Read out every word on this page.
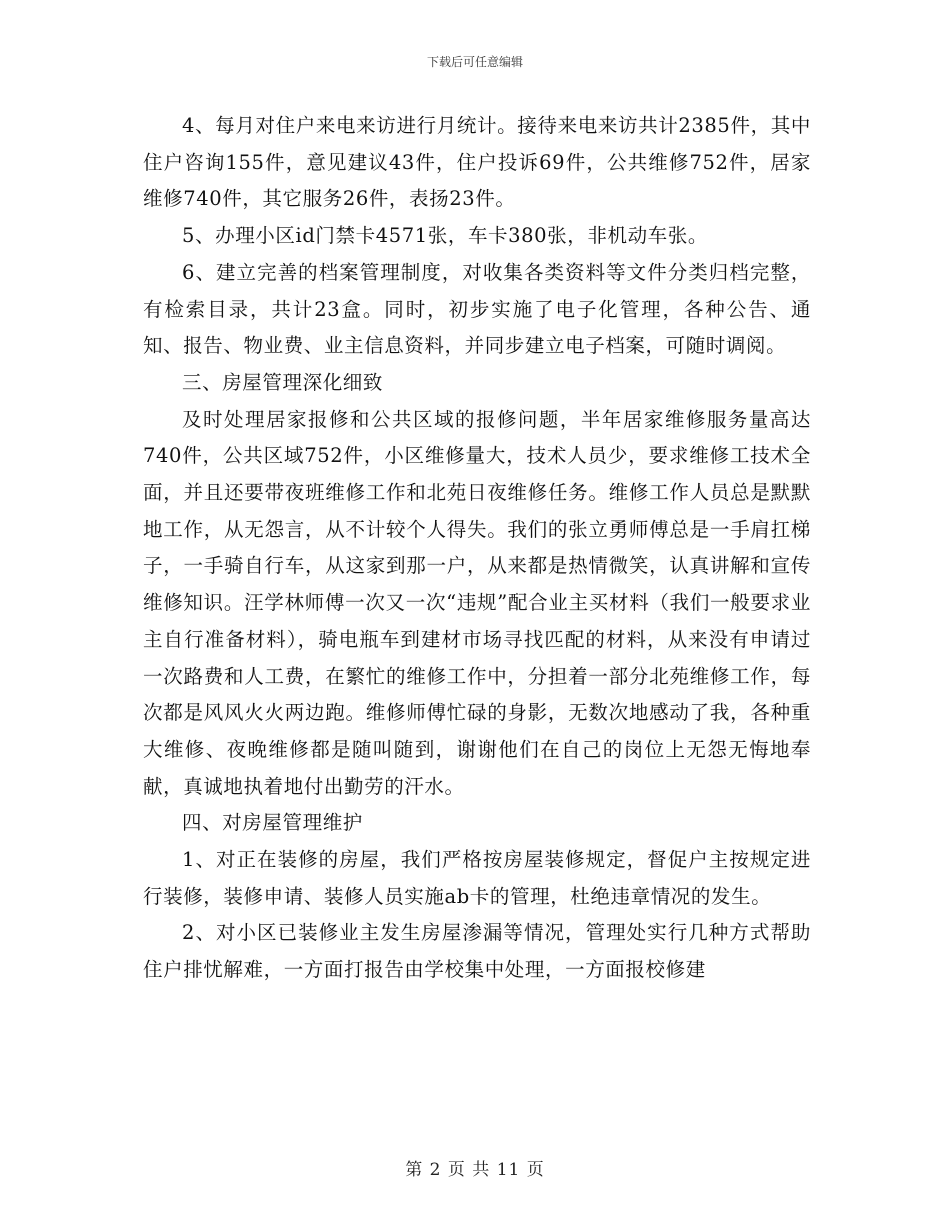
下载后可任意编辑

4、每月对住户来电来访进行月统计。接待来电来访共计2385件，其中住户咨询155件，意见建议43件，住户投诉69件，公共维修752件，居家维修740件，其它服务26件，表扬23件。

5、办理小区id门禁卡4571张，车卡380张，非机动车张。

6、建立完善的档案管理制度，对收集各类资料等文件分类归档完整，有检索目录，共计23盒。同时，初步实施了电子化管理，各种公告、通知、报告、物业费、业主信息资料，并同步建立电子档案，可随时调阅。

三、房屋管理深化细致

及时处理居家报修和公共区域的报修问题，半年居家维修服务量高达740件，公共区域752件，小区维修量大，技术人员少，要求维修工技术全面，并且还要带夜班维修工作和北苑日夜维修任务。维修工作人员总是默默地工作，从无怨言，从不计较个人得失。我们的张立勇师傅总是一手肩扛梯子，一手骑自行车，从这家到那一户，从来都是热情微笑，认真讲解和宣传维修知识。汪学林师傅一次又一次“违规”配合业主买材料（我们一般要求业主自行准备材料），骑电瓶车到建材市场寻找匹配的材料，从来没有申请过一次路费和人工费，在繁忙的维修工作中，分担着一部分北苑维修工作，每次都是风风火火两边跑。维修师傅忙碌的身影，无数次地感动了我，各种重大维修、夜晚维修都是随叫随到，谢谢他们在自己的岗位上无怨无悔地奉献，真诚地执着地付出勤劳的汗水。

四、对房屋管理维护

1、对正在装修的房屋，我们严格按房屋装修规定，督促户主按规定进行装修，装修申请、装修人员实施ab卡的管理，杜绝违章情况的发生。

2、对小区已装修业主发生房屋渗漏等情况，管理处实行几种方式帮助住户排忧解难，一方面打报告由学校集中处理，一方面报校修建

第 2 页 共 11 页
